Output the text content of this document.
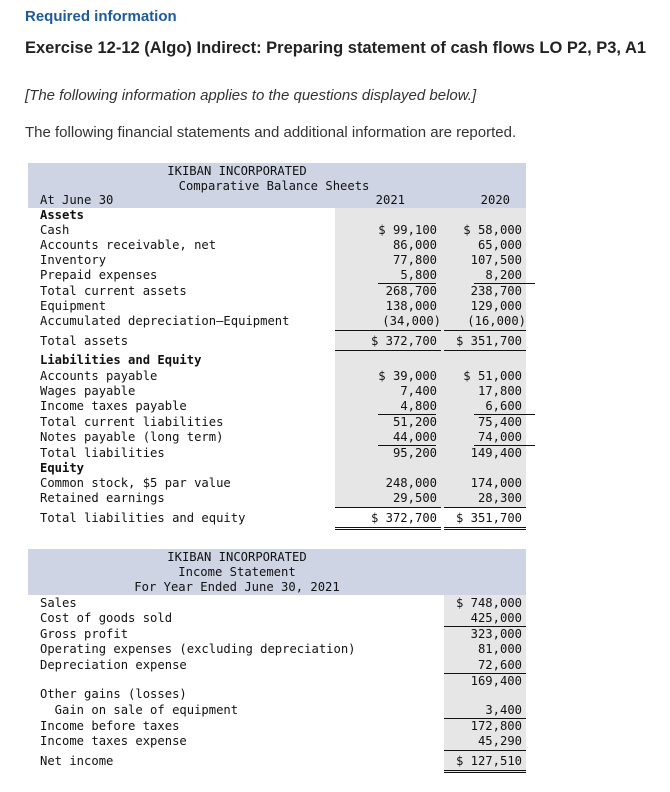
Required information
Exercise 12-12 (Algo) Indirect: Preparing statement of cash flows LO P2, P3, A1
[The following information applies to the questions displayed below.]
The following financial statements and additional information are reported.
IKIBAN INCORPORATED
Comparative Balance Sheets
At June 30	2021	2020
Assets
Cash	$ 99,100	$ 58,000
Accounts receivable, net	86,000	65,000
Inventory	77,800	107,500
Prepaid expenses	5,800	8,200
Total current assets	268,700	238,700
Equipment	138,000	129,000
Accumulated depreciation—Equipment	(34,000)	(16,000)
Total assets	$ 372,700	$ 351,700
Liabilities and Equity
Accounts payable	$ 39,000	$ 51,000
Wages payable	7,400	17,800
Income taxes payable	4,800	6,600
Total current liabilities	51,200	75,400
Notes payable (long term)	44,000	74,000
Total liabilities	95,200	149,400
Equity
Common stock, $5 par value	248,000	174,000
Retained earnings	29,500	28,300
Total liabilities and equity	$ 372,700	$ 351,700
IKIBAN INCORPORATED
Income Statement
For Year Ended June 30, 2021
Sales	$ 748,000
Cost of goods sold	425,000
Gross profit	323,000
Operating expenses (excluding depreciation)	81,000
Depreciation expense	72,600
169,400
Other gains (losses)
Gain on sale of equipment	3,400
Income before taxes	172,800
Income taxes expense	45,290
Net income	$ 127,510
